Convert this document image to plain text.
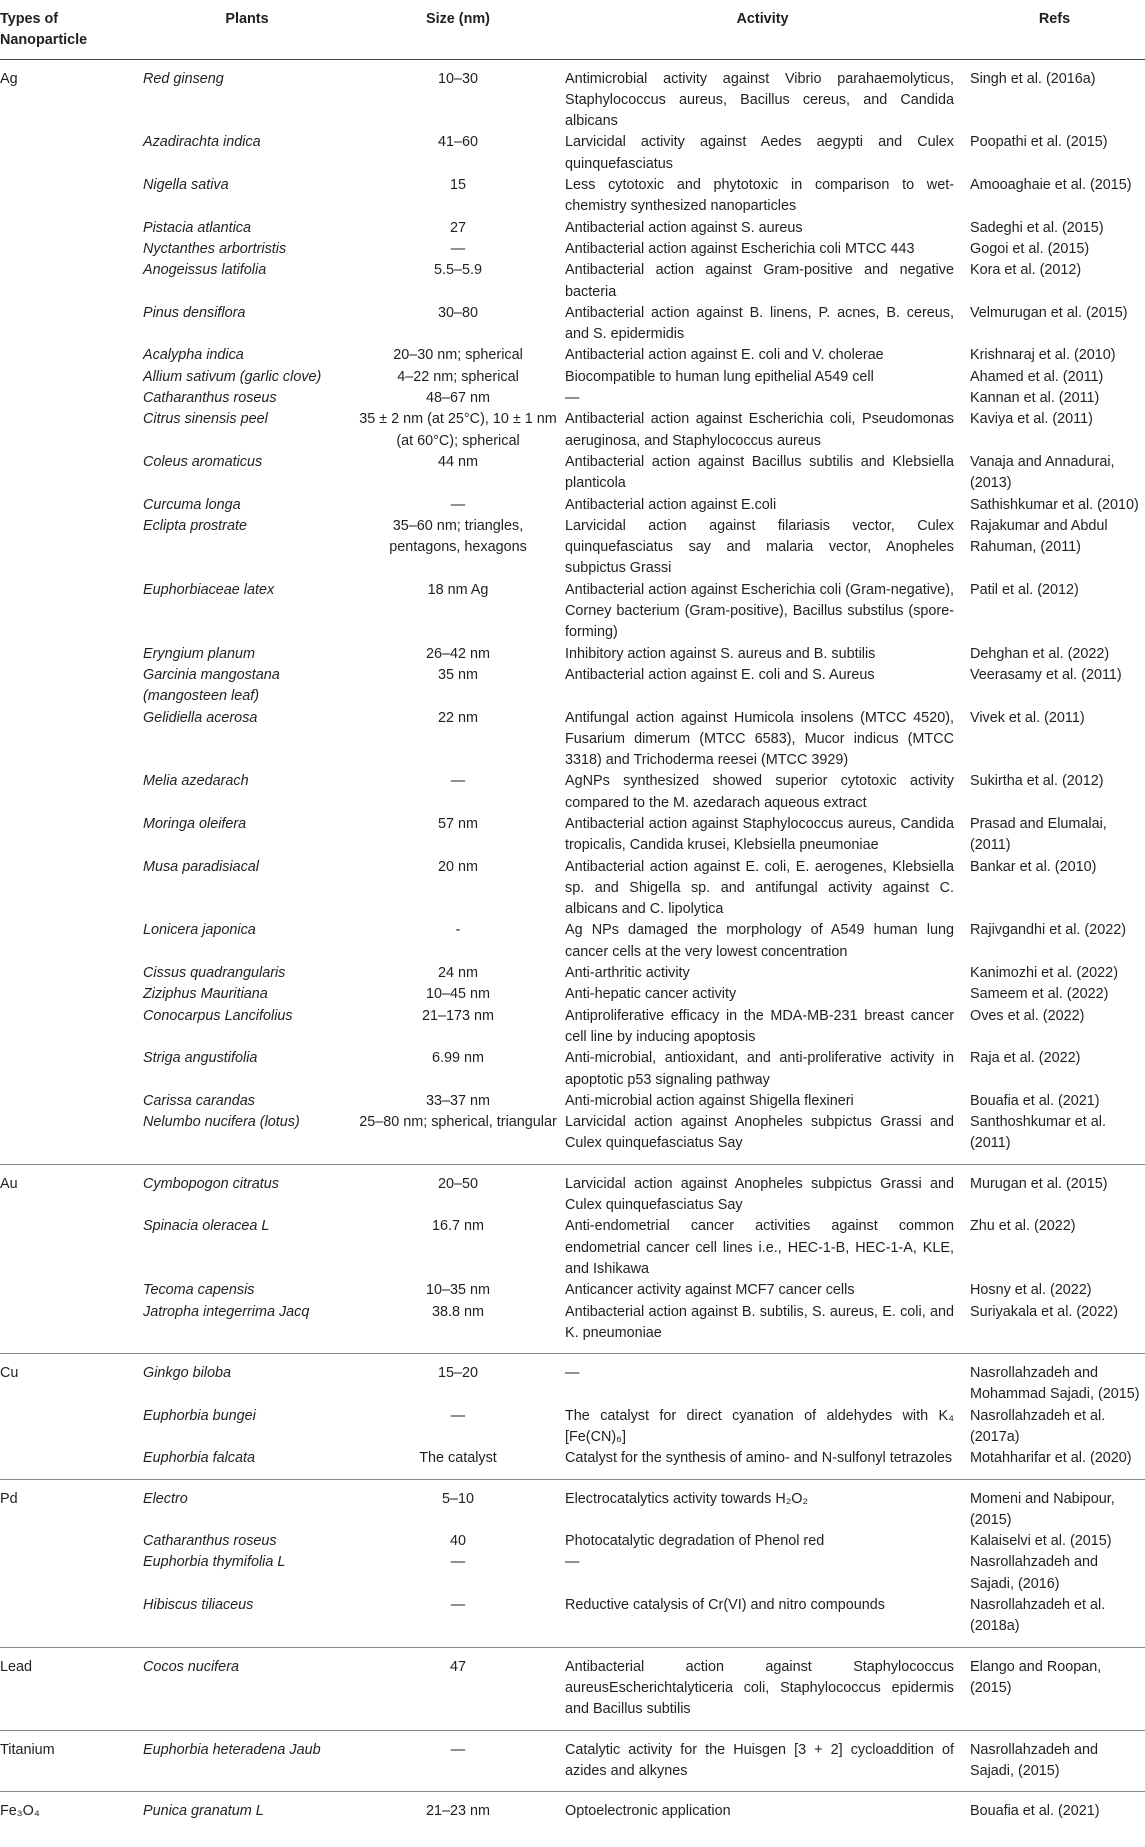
Types of Nanoparticle	Plants	Size (nm)	Activity	Refs
Ag	Red ginseng	10–30	Antimicrobial activity against Vibrio parahaemolyticus, Staphylococcus aureus, Bacillus cereus, and Candida albicans	Singh et al. (2016a)
	Azadirachta indica	41–60	Larvicidal activity against Aedes aegypti and Culex quinquefasciatus	Poopathi et al. (2015)
	Nigella sativa	15	Less cytotoxic and phytotoxic in comparison to wet-chemistry synthesized nanoparticles	Amooaghaie et al. (2015)
	Pistacia atlantica	27	Antibacterial action against S. aureus	Sadeghi et al. (2015)
	Nyctanthes arbortristis	—	Antibacterial action against Escherichia coli MTCC 443	Gogoi et al. (2015)
	Anogeissus latifolia	5.5–5.9	Antibacterial action against Gram-positive and negative bacteria	Kora et al. (2012)
	Pinus densiflora	30–80	Antibacterial action against B. linens, P. acnes, B. cereus, and S. epidermidis	Velmurugan et al. (2015)
	Acalypha indica	20–30 nm; spherical	Antibacterial action against E. coli and V. cholerae	Krishnaraj et al. (2010)
	Allium sativum (garlic clove)	4–22 nm; spherical	Biocompatible to human lung epithelial A549 cell	Ahamed et al. (2011)
	Catharanthus roseus	48–67 nm	—	Kannan et al. (2011)
	Citrus sinensis peel	35 ± 2 nm (at 25°C), 10 ± 1 nm (at 60°C); spherical	Antibacterial action against Escherichia coli, Pseudomonas aeruginosa, and Staphylococcus aureus	Kaviya et al. (2011)
	Coleus aromaticus	44 nm	Antibacterial action against Bacillus subtilis and Klebsiella planticola	Vanaja and Annadurai, (2013)
	Curcuma longa	—	Antibacterial action against E.coli	Sathishkumar et al. (2010)
	Eclipta prostrate	35–60 nm; triangles, pentagons, hexagons	Larvicidal action against filariasis vector, Culex quinquefasciatus say and malaria vector, Anopheles subpictus Grassi	Rajakumar and Abdul Rahuman, (2011)
	Euphorbiaceae latex	18 nm Ag	Antibacterial action against Escherichia coli (Gram-negative), Corney bacterium (Gram-positive), Bacillus substilus (spore-forming)	Patil et al. (2012)
	Eryngium planum	26–42 nm	Inhibitory action against S. aureus and B. subtilis	Dehghan et al. (2022)
	Garcinia mangostana (mangosteen leaf)	35 nm	Antibacterial action against E. coli and S. Aureus	Veerasamy et al. (2011)
	Gelidiella acerosa	22 nm	Antifungal action against Humicola insolens (MTCC 4520), Fusarium dimerum (MTCC 6583), Mucor indicus (MTCC 3318) and Trichoderma reesei (MTCC 3929)	Vivek et al. (2011)
	Melia azedarach	—	AgNPs synthesized showed superior cytotoxic activity compared to the M. azedarach aqueous extract	Sukirtha et al. (2012)
	Moringa oleifera	57 nm	Antibacterial action against Staphylococcus aureus, Candida tropicalis, Candida krusei, Klebsiella pneumoniae	Prasad and Elumalai, (2011)
	Musa paradisiacal	20 nm	Antibacterial action against E. coli, E. aerogenes, Klebsiella sp. and Shigella sp. and antifungal activity against C. albicans and C. lipolytica	Bankar et al. (2010)
	Lonicera japonica	-	Ag NPs damaged the morphology of A549 human lung cancer cells at the very lowest concentration	Rajivgandhi et al. (2022)
	Cissus quadrangularis	24 nm	Anti-arthritic activity	Kanimozhi et al. (2022)
	Ziziphus Mauritiana	10–45 nm	Anti-hepatic cancer activity	Sameem et al. (2022)
	Conocarpus Lancifolius	21–173 nm	Antiproliferative efficacy in the MDA-MB-231 breast cancer cell line by inducing apoptosis	Oves et al. (2022)
	Striga angustifolia	6.99 nm	Anti-microbial, antioxidant, and anti-proliferative activity in apoptotic p53 signaling pathway	Raja et al. (2022)
	Carissa carandas	33–37 nm	Anti-microbial action against Shigella flexineri	Bouafia et al. (2021)
	Nelumbo nucifera (lotus)	25–80 nm; spherical, triangular	Larvicidal action against Anopheles subpictus Grassi and Culex quinquefasciatus Say	Santhoshkumar et al. (2011)
Au	Cymbopogon citratus	20–50	Larvicidal action against Anopheles subpictus Grassi and Culex quinquefasciatus Say	Murugan et al. (2015)
	Spinacia oleracea L	16.7 nm	Anti-endometrial cancer activities against common endometrial cancer cell lines i.e., HEC-1-B, HEC-1-A, KLE, and Ishikawa	Zhu et al. (2022)
	Tecoma capensis	10–35 nm	Anticancer activity against MCF7 cancer cells	Hosny et al. (2022)
	Jatropha integerrima Jacq	38.8 nm	Antibacterial action against B. subtilis, S. aureus, E. coli, and K. pneumoniae	Suriyakala et al. (2022)
Cu	Ginkgo biloba	15–20	—	Nasrollahzadeh and Mohammad Sajadi, (2015)
	Euphorbia bungei	—	The catalyst for direct cyanation of aldehydes with K₄ [Fe(CN)₆]	Nasrollahzadeh et al. (2017a)
	Euphorbia falcata	The catalyst	Catalyst for the synthesis of amino- and N-sulfonyl tetrazoles	Motahharifar et al. (2020)
Pd	Electro	5–10	Electrocatalytics activity towards H₂O₂	Momeni and Nabipour, (2015)
	Catharanthus roseus	40	Photocatalytic degradation of Phenol red	Kalaiselvi et al. (2015)
	Euphorbia thymifolia L	—	—	Nasrollahzadeh and Sajadi, (2016)
	Hibiscus tiliaceus	—	Reductive catalysis of Cr(VI) and nitro compounds	Nasrollahzadeh et al. (2018a)
Lead	Cocos nucifera	47	Antibacterial action against Staphylococcus aureusEscherichtalyticeria coli, Staphylococcus epidermis and Bacillus subtilis	Elango and Roopan, (2015)
Titanium	Euphorbia heteradena Jaub	—	Catalytic activity for the Huisgen [3 + 2] cycloaddition of azides and alkynes	Nasrollahzadeh and Sajadi, (2015)
Fe₃O₄	Punica granatum L	21–23 nm	Optoelectronic application	Bouafia et al. (2021)
